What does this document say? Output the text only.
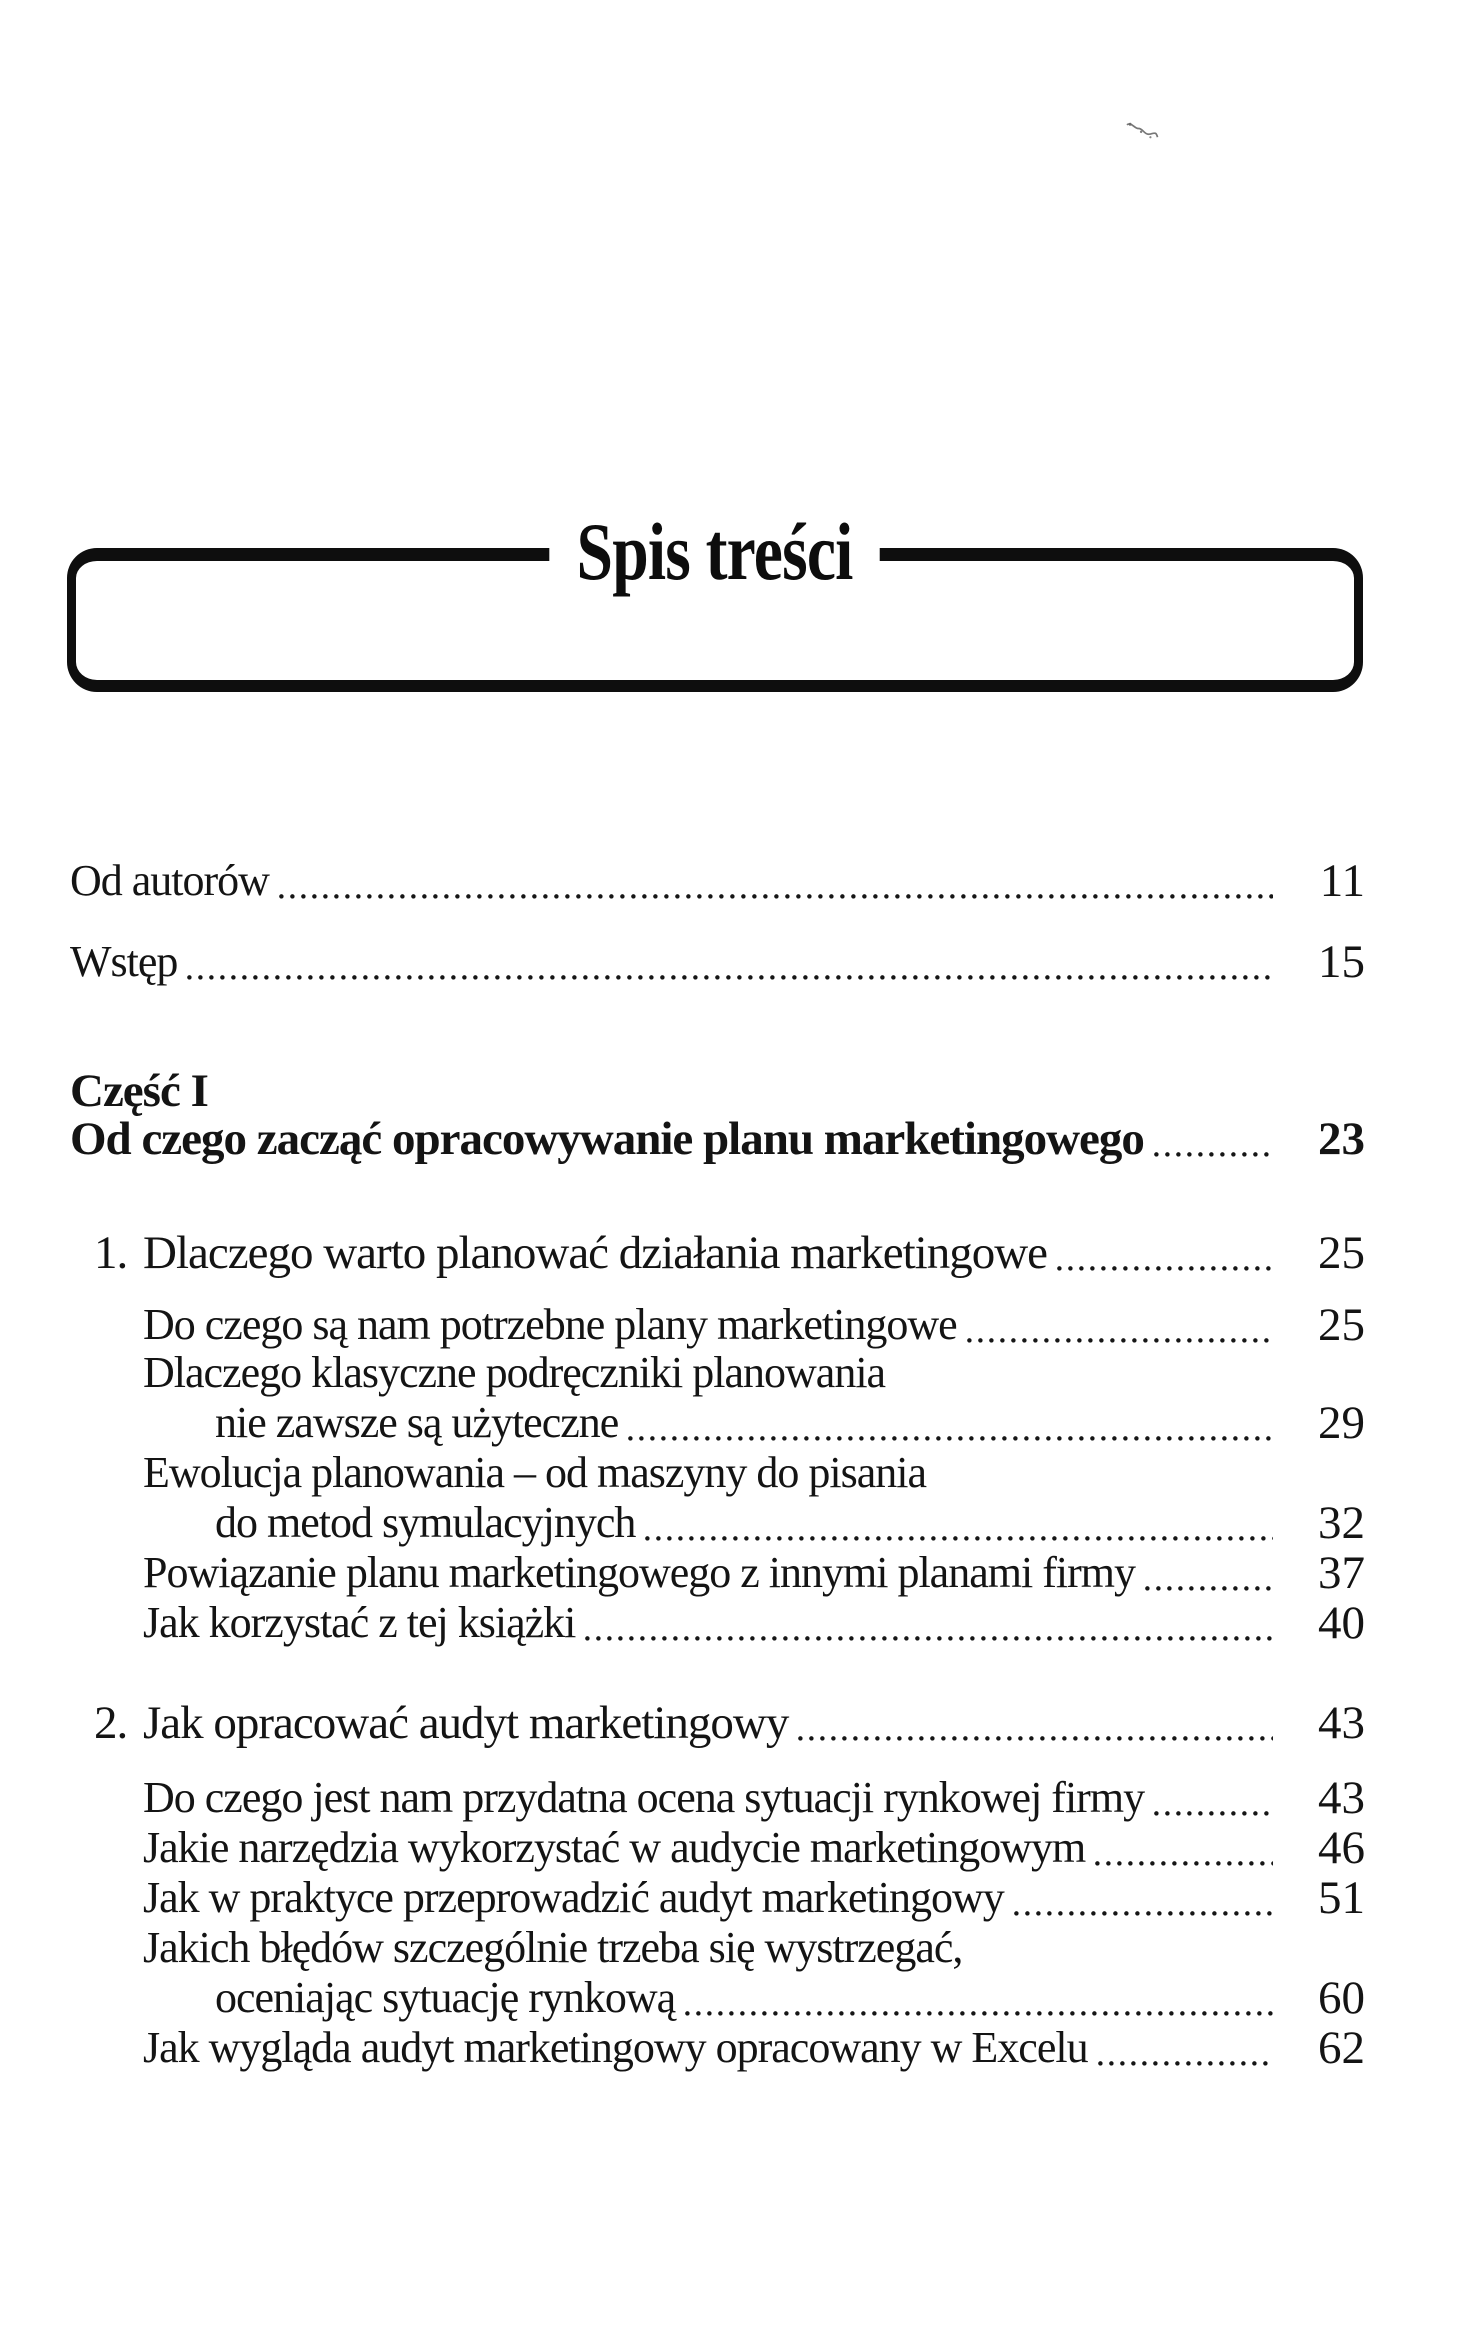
Spis treści
Od autorów	11
Wstęp	15
Część I
Od czego zacząć opracowywanie planu marketingowego	23
1. Dlaczego warto planować działania marketingowe	25
Do czego są nam potrzebne plany marketingowe	25
Dlaczego klasyczne podręczniki planowania
nie zawsze są użyteczne	29
Ewolucja planowania – od maszyny do pisania
do metod symulacyjnych	32
Powiązanie planu marketingowego z innymi planami firmy	37
Jak korzystać z tej książki	40
2. Jak opracować audyt marketingowy	43
Do czego jest nam przydatna ocena sytuacji rynkowej firmy	43
Jakie narzędzia wykorzystać w audycie marketingowym	46
Jak w praktyce przeprowadzić audyt marketingowy	51
Jakich błędów szczególnie trzeba się wystrzegać,
oceniając sytuację rynkową	60
Jak wygląda audyt marketingowy opracowany w Excelu	62
